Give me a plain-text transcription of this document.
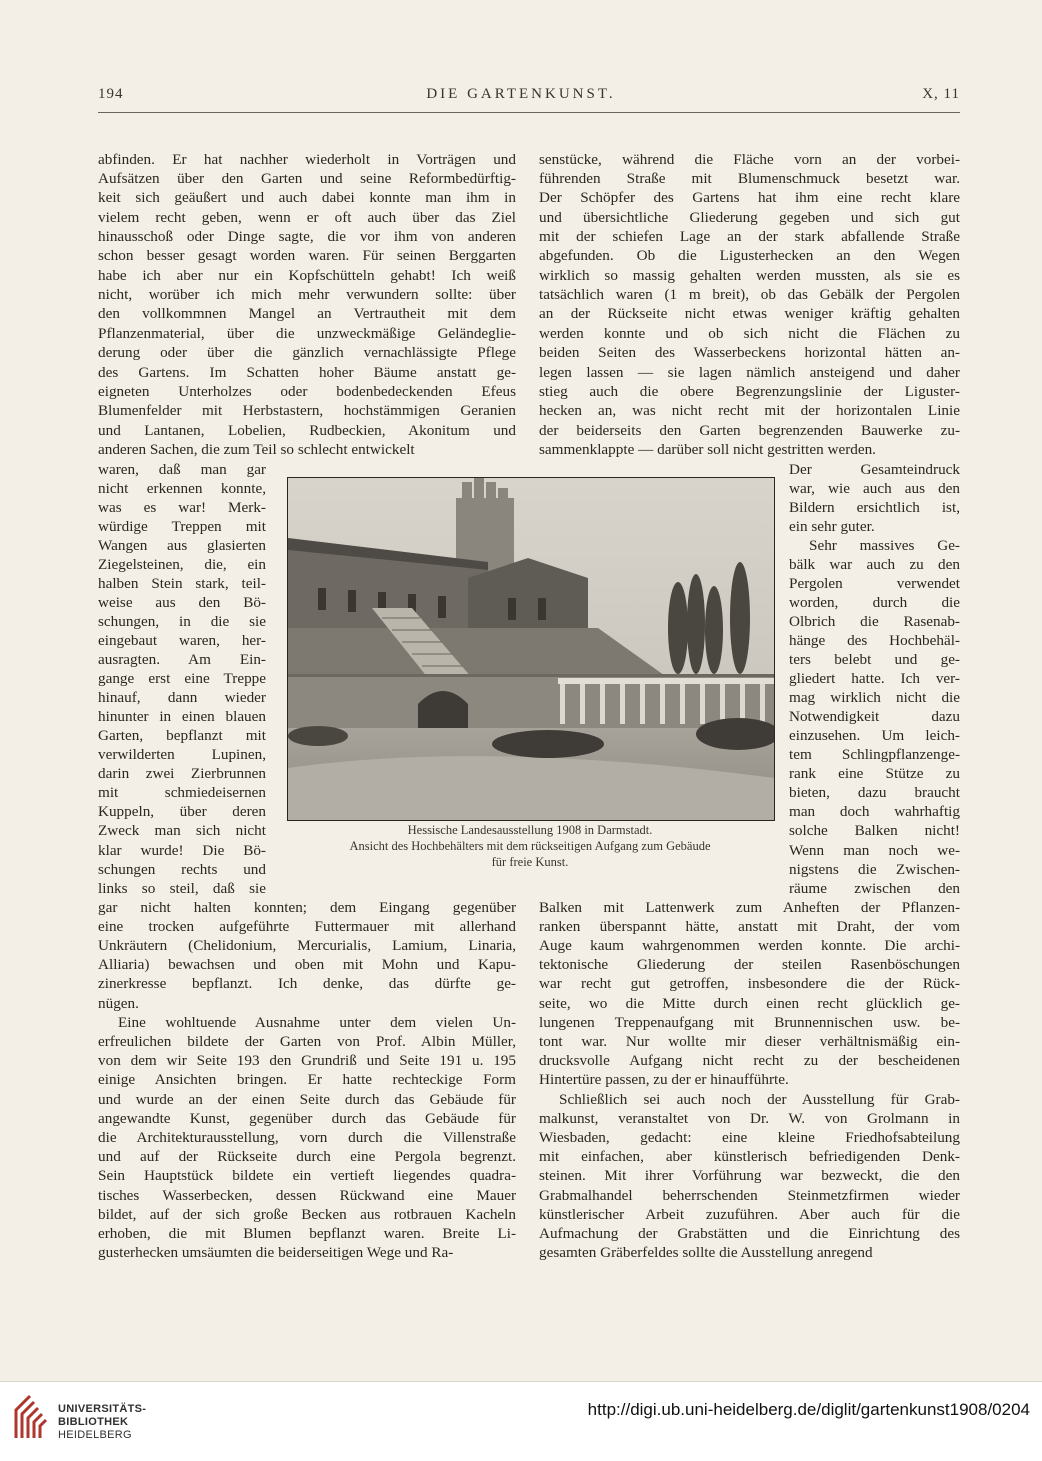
194	DIE GARTENKUNST.	X, 11
abfinden. Er hat nachher wiederholt in Vorträgen und
Aufsätzen über den Garten und seine Reformbedürftig-
keit sich geäußert und auch dabei konnte man ihm in
vielem recht geben, wenn er oft auch über das Ziel
hinausschoß oder Dinge sagte, die vor ihm von anderen
schon besser gesagt worden waren. Für seinen Berggarten
habe ich aber nur ein Kopfschütteln gehabt! Ich weiß
nicht, worüber ich mich mehr verwundern sollte: über
den vollkommnen Mangel an Vertrautheit mit dem
Pflanzenmaterial, über die unzweckmäßige Geländeglie-
derung oder über die gänzlich vernachlässigte Pflege
des Gartens. Im Schatten hoher Bäume anstatt ge-
eigneten Unterholzes oder bodenbedeckenden Efeus
Blumenfelder mit Herbstastern, hochstämmigen Geranien
und Lantanen, Lobelien, Rudbeckien, Akonitum und
anderen Sachen, die zum Teil so schlecht entwickelt
waren, daß man gar
nicht erkennen konnte,
was es war! Merk-
würdige Treppen mit
Wangen aus glasierten
Ziegelsteinen, die, ein
halben Stein stark, teil-
weise aus den Bö-
schungen, in die sie
eingebaut waren, her-
ausragten. Am Ein-
gange erst eine Treppe
hinauf, dann wieder
hinunter in einen blauen
Garten, bepflanzt mit
verwilderten Lupinen,
darin zwei Zierbrunnen
mit schmiedeisernen
Kuppeln, über deren
Zweck man sich nicht
klar wurde! Die Bö-
schungen rechts und
links so steil, daß sie
gar nicht halten konnten; dem Eingang gegenüber
eine trocken aufgeführte Futtermauer mit allerhand
Unkräutern (Chelidonium, Mercurialis, Lamium, Linaria,
Alliaria) bewachsen und oben mit Mohn und Kapu-
zinerkresse bepflanzt. Ich denke, das dürfte ge-
nügen.
Eine wohltuende Ausnahme unter dem vielen Un-
erfreulichen bildete der Garten von Prof. Albin Müller,
von dem wir Seite 193 den Grundriß und Seite 191 u. 195
einige Ansichten bringen. Er hatte rechteckige Form
und wurde an der einen Seite durch das Gebäude für
angewandte Kunst, gegenüber durch das Gebäude für
die Architekturausstellung, vorn durch die Villenstraße
und auf der Rückseite durch eine Pergola begrenzt.
Sein Hauptstück bildete ein vertieft liegendes quadra-
tisches Wasserbecken, dessen Rückwand eine Mauer
bildet, auf der sich große Becken aus rotbrauen Kacheln
erhoben, die mit Blumen bepflanzt waren. Breite Li-
gusterhecken umsäumten die beiderseitigen Wege und Ra-
senstücke, während die Fläche vorn an der vorbei-
führenden Straße mit Blumenschmuck besetzt war.
Der Schöpfer des Gartens hat ihm eine recht klare
und übersichtliche Gliederung gegeben und sich gut
mit der schiefen Lage an der stark abfallende Straße
abgefunden. Ob die Ligusterhecken an den Wegen
wirklich so massig gehalten werden mussten, als sie es
tatsächlich waren (1 m breit), ob das Gebälk der Pergolen
an der Rückseite nicht etwas weniger kräftig gehalten
werden konnte und ob sich nicht die Flächen zu
beiden Seiten des Wasserbeckens horizontal hätten an-
legen lassen — sie lagen nämlich ansteigend und daher
stieg auch die obere Begrenzungslinie der Liguster-
hecken an, was nicht recht mit der horizontalen Linie
der beiderseits den Garten begrenzenden Bauwerke zu-
sammenklappte — darüber soll nicht gestritten werden.
Der Gesamteindruck
war, wie auch aus den
Bildern ersichtlich ist,
ein sehr guter.
Sehr massives Ge-
bälk war auch zu den
Pergolen verwendet
worden, durch die
Olbrich die Rasenab-
hänge des Hochbehäl-
ters belebt und ge-
gliedert hatte. Ich ver-
mag wirklich nicht die
Notwendigkeit dazu
einzusehen. Um leich-
tem Schlingpflanzenge-
rank eine Stütze zu
bieten, dazu braucht
man doch wahrhaftig
solche Balken nicht!
Wenn man noch we-
nigstens die Zwischen-
räume zwischen den
Balken mit Lattenwerk zum Anheften der Pflanzen-
ranken überspannt hätte, anstatt mit Draht, der vom
Auge kaum wahrgenommen werden konnte. Die archi-
tektonische Gliederung der steilen Rasenböschungen
war recht gut getroffen, insbesondere die der Rück-
seite, wo die Mitte durch einen recht glücklich ge-
lungenen Treppenaufgang mit Brunnennischen usw. be-
tont war. Nur wollte mir dieser verhältnismäßig ein-
drucksvolle Aufgang nicht recht zu der bescheidenen
Hintertüre passen, zu der er hinaufführte.
Schließlich sei auch noch der Ausstellung für Grab-
malkunst, veranstaltet von Dr. W. von Grolmann in
Wiesbaden, gedacht: eine kleine Friedhofsabteilung
mit einfachen, aber künstlerisch befriedigenden Denk-
steinen. Mit ihrer Vorführung war bezweckt, die den
Grabmalhandel beherrschenden Steinmetzfirmen wieder
künstlerischer Arbeit zuzuführen. Aber auch für die
Aufmachung der Grabstätten und die Einrichtung des
gesamten Gräberfeldes sollte die Ausstellung anregend
Hessische Landesausstellung 1908 in Darmstadt.
Ansicht des Hochbehälters mit dem rückseitigen Aufgang zum Gebäude
für freie Kunst.
UNIVERSITÄTS-
BIBLIOTHEK
HEIDELBERG
http://digi.ub.uni-heidelberg.de/diglit/gartenkunst1908/0204
